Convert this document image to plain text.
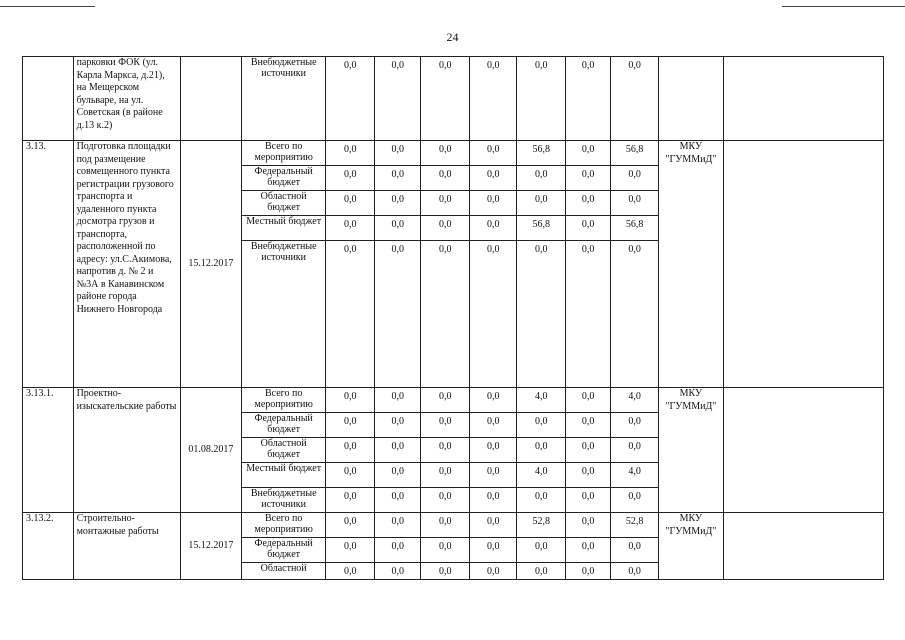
24
	парковки ФОК (ул. Карла Маркса, д.21), на Мещерском бульваре, на ул. Советская (в районе д.13 к.2)		Внебюджетные источники	0,0	0,0	0,0	0,0	0,0	0,0	0,0		
3.13.	Подготовка площадки под размещение совмещенного пункта регистрации грузового транспорта и удаленного пункта досмотра грузов и транспорта, расположенной по адресу: ул.С.Акимова, напротив д. № 2 и №3А в Канавинском районе города Нижнего Новгорода	15.12.2017	Всего по мероприятию	0,0	0,0	0,0	0,0	56,8	0,0	56,8	МКУ "ГУММиД"	
			Федеральный бюджет	0,0	0,0	0,0	0,0	0,0	0,0	0,0		
			Областной бюджет	0,0	0,0	0,0	0,0	0,0	0,0	0,0		
			Местный бюджет	0,0	0,0	0,0	0,0	56,8	0,0	56,8		
			Внебюджетные источники	0,0	0,0	0,0	0,0	0,0	0,0	0,0		
3.13.1.	Проектно-изыскательские работы	01.08.2017	Всего по мероприятию	0,0	0,0	0,0	0,0	4,0	0,0	4,0	МКУ "ГУММиД"	
			Федеральный бюджет	0,0	0,0	0,0	0,0	0,0	0,0	0,0		
			Областной бюджет	0,0	0,0	0,0	0,0	0,0	0,0	0,0		
			Местный бюджет	0,0	0,0	0,0	0,0	4,0	0,0	4,0		
			Внебюджетные источники	0,0	0,0	0,0	0,0	0,0	0,0	0,0		
3.13.2.	Строительно-монтажные работы	15.12.2017	Всего по мероприятию	0,0	0,0	0,0	0,0	52,8	0,0	52,8	МКУ "ГУММиД"	
			Федеральный бюджет	0,0	0,0	0,0	0,0	0,0	0,0	0,0		
			Областной	0,0	0,0	0,0	0,0	0,0	0,0	0,0		
